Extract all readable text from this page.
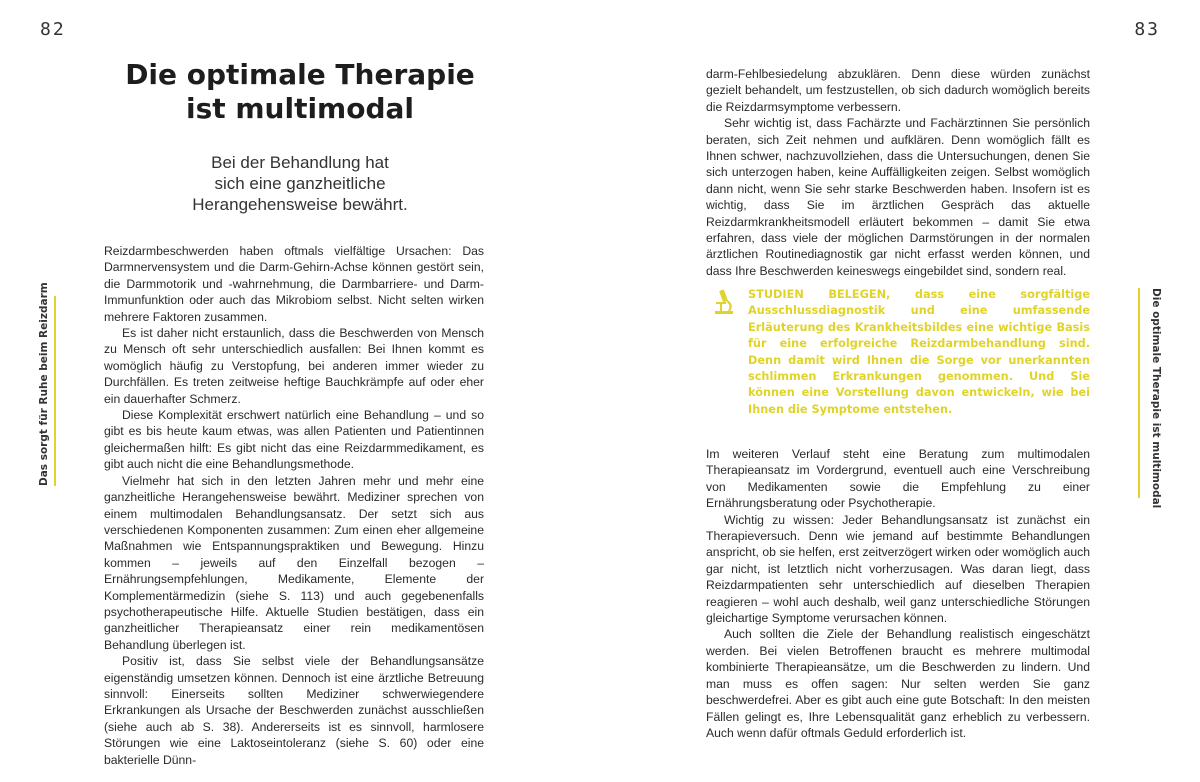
82	83
Die optimale Therapie
ist multimodal
Bei der Behandlung hat
sich eine ganzheitliche
Herangehensweise bewährt.
Das sorgt für Ruhe beim Reizdarm	Die optimale Therapie ist multimodal

Reizdarmbeschwerden haben oftmals vielfältige Ursachen: Das Darmnervensystem und die Darm-Gehirn-Achse können gestört sein, die Darmmotorik und -wahrnehmung, die Darmbarriere- und Darm-Immunfunktion oder auch das Mikrobiom selbst. Nicht selten wirken mehrere Faktoren zusammen.

Es ist daher nicht erstaunlich, dass die Beschwerden von Mensch zu Mensch oft sehr unterschiedlich ausfallen: Bei Ihnen kommt es womöglich häufig zu Verstopfung, bei anderen immer wieder zu Durchfällen. Es treten zeitweise heftige Bauchkrämpfe auf oder eher ein dauerhafter Schmerz.

Diese Komplexität erschwert natürlich eine Behandlung – und so gibt es bis heute kaum etwas, was allen Patienten und Patientinnen gleichermaßen hilft: Es gibt nicht das eine Reizdarmmedikament, es gibt auch nicht die eine Behandlungsmethode.

Vielmehr hat sich in den letzten Jahren mehr und mehr eine ganzheitliche Herangehensweise bewährt. Mediziner sprechen von einem multimodalen Behandlungsansatz. Der setzt sich aus verschiedenen Komponenten zusammen: Zum einen eher allgemeine Maßnahmen wie Entspannungspraktiken und Bewegung. Hinzu kommen – jeweils auf den Einzelfall bezogen – Ernährungsempfehlungen, Medikamente, Elemente der Komplementärmedizin (siehe S. 113) und auch gegebenenfalls psychotherapeutische Hilfe. Aktuelle Studien bestätigen, dass ein ganzheitlicher Therapieansatz einer rein medikamentösen Behandlung überlegen ist.

Positiv ist, dass Sie selbst viele der Behandlungsansätze eigenständig umsetzen können. Dennoch ist eine ärztliche Betreuung sinnvoll: Einerseits sollten Mediziner schwerwiegendere Erkrankungen als Ursache der Beschwerden zunächst ausschließen (siehe auch ab S. 38). Andererseits ist es sinnvoll, harmlosere Störungen wie eine Laktoseintoleranz (siehe S. 60) oder eine bakterielle Dünn-

darm-Fehlbesiedelung abzuklären. Denn diese würden zunächst gezielt behandelt, um festzustellen, ob sich dadurch womöglich bereits die Reizdarmsymptome verbessern.

Sehr wichtig ist, dass Fachärzte und Fachärztinnen Sie persönlich beraten, sich Zeit nehmen und aufklären. Denn womöglich fällt es Ihnen schwer, nachzuvollziehen, dass die Untersuchungen, denen Sie sich unterzogen haben, keine Auffälligkeiten zeigen. Selbst womöglich dann nicht, wenn Sie sehr starke Beschwerden haben. Insofern ist es wichtig, dass Sie im ärztlichen Gespräch das aktuelle Reizdarmkrankheitsmodell erläutert bekommen – damit Sie etwa erfahren, dass viele der möglichen Darmstörungen in der normalen ärztlichen Routinediagnostik gar nicht erfasst werden können, und dass Ihre Beschwerden keineswegs eingebildet sind, sondern real.

STUDIEN BELEGEN, dass eine sorgfältige Ausschlussdiagnostik und eine umfassende Erläuterung des Krankheitsbildes eine wichtige Basis für eine erfolgreiche Reizdarmbehandlung sind. Denn damit wird Ihnen die Sorge vor unerkannten schlimmen Erkrankungen genommen. Und Sie können eine Vorstellung davon entwickeln, wie bei Ihnen die Symptome entstehen.

Im weiteren Verlauf steht eine Beratung zum multimodalen Therapieansatz im Vordergrund, eventuell auch eine Verschreibung von Medikamenten sowie die Empfehlung zu einer Ernährungsberatung oder Psychotherapie.

Wichtig zu wissen: Jeder Behandlungsansatz ist zunächst ein Therapieversuch. Denn wie jemand auf bestimmte Behandlungen anspricht, ob sie helfen, erst zeitverzögert wirken oder womöglich auch gar nicht, ist letztlich nicht vorherzusagen. Was daran liegt, dass Reizdarmpatienten sehr unterschiedlich auf dieselben Therapien reagieren – wohl auch deshalb, weil ganz unterschiedliche Störungen gleichartige Symptome verursachen können.

Auch sollten die Ziele der Behandlung realistisch eingeschätzt werden. Bei vielen Betroffenen braucht es mehrere multimodal kombinierte Therapieansätze, um die Beschwerden zu lindern. Und man muss es offen sagen: Nur selten werden Sie ganz beschwerdefrei. Aber es gibt auch eine gute Botschaft: In den meisten Fällen gelingt es, Ihre Lebensqualität ganz erheblich zu verbessern. Auch wenn dafür oftmals Geduld erforderlich ist.
